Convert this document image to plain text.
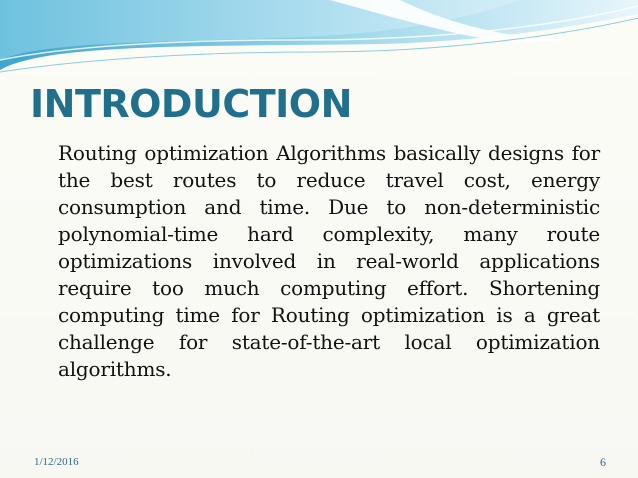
INTRODUCTION

Routing optimization Algorithms basically designs for the best routes to reduce travel cost, energy consumption and time. Due to non-deterministic polynomial-time hard complexity, many route optimizations involved in real-world applications require too much computing effort. Shortening computing time for Routing optimization is a great challenge for state-of-the-art local optimization algorithms.

1/12/2016	6
